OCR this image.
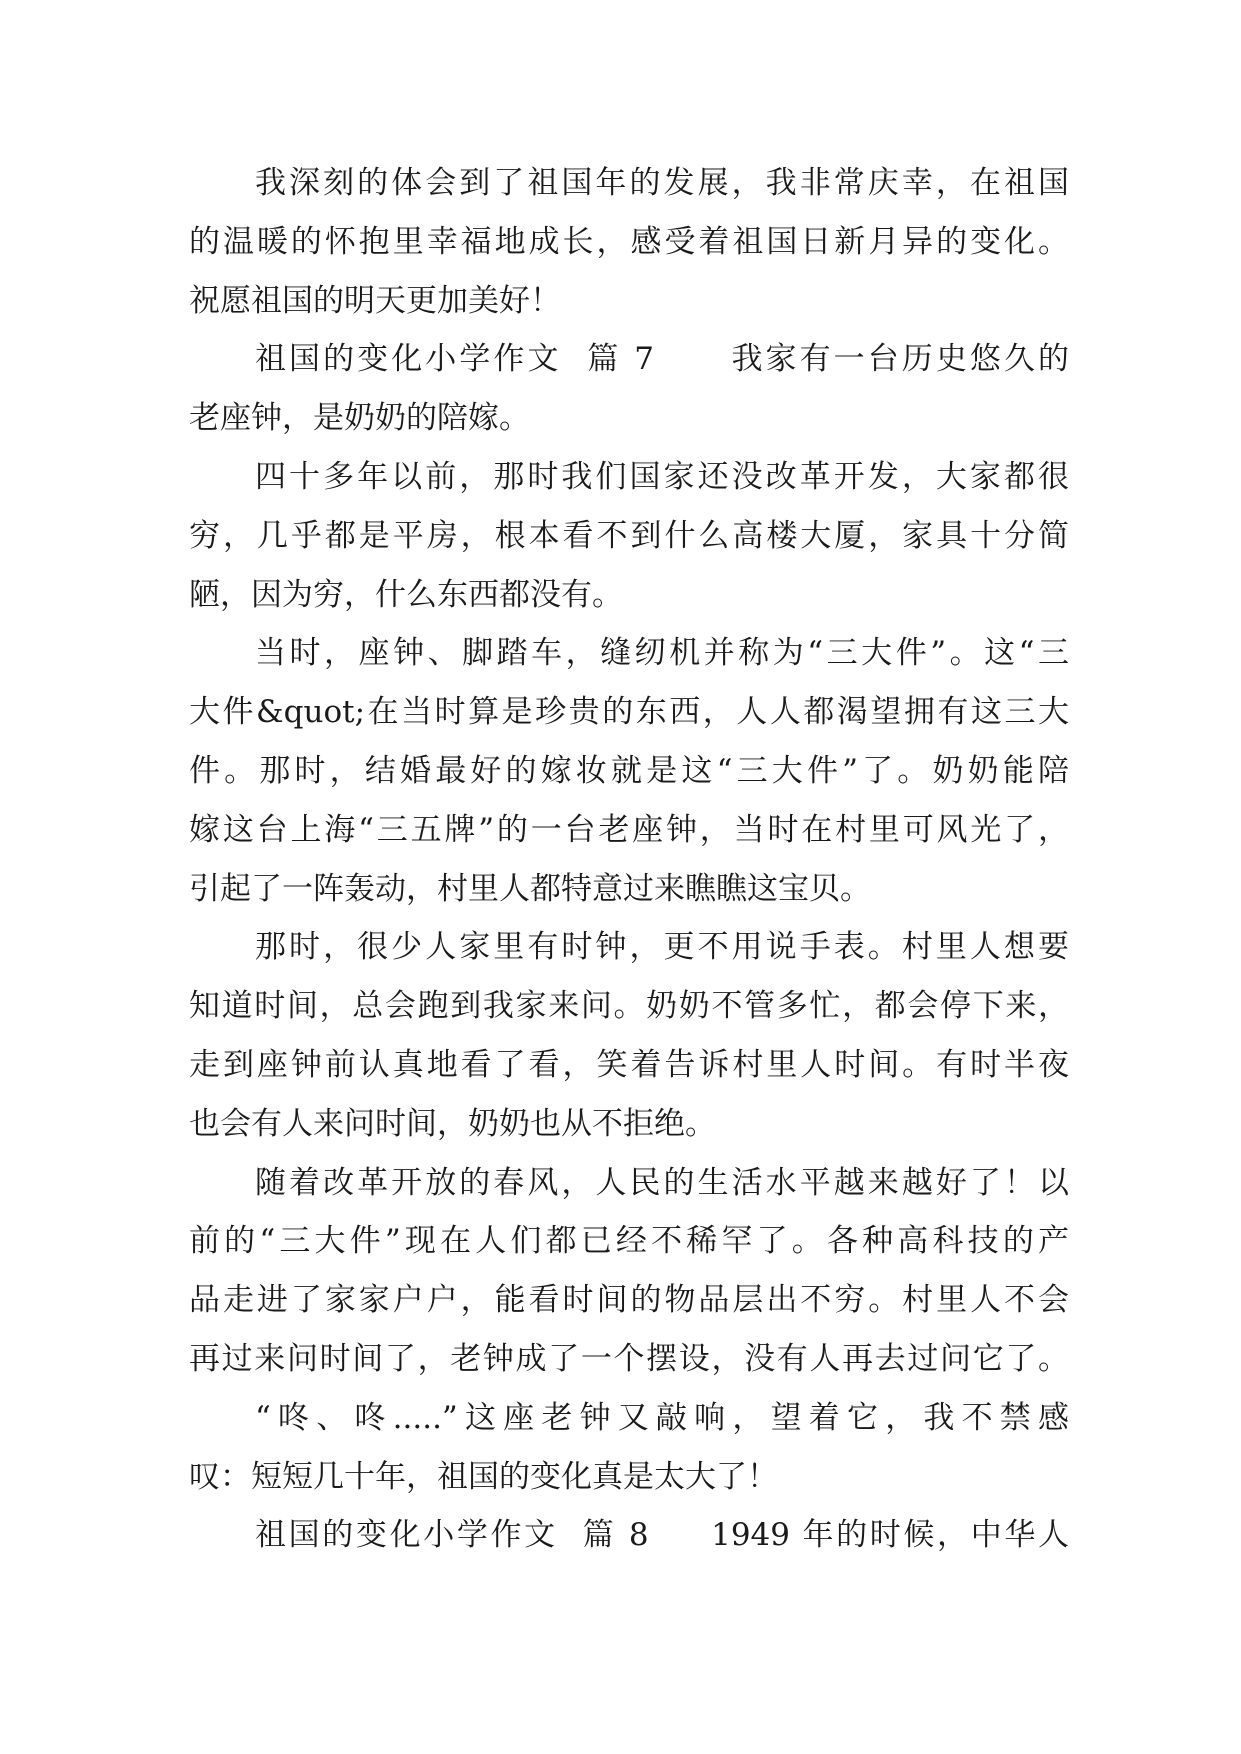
我深刻的体会到了祖国年的发展，我非常庆幸，在祖国
的温暖的怀抱里幸福地成长，感受着祖国日新月异的变化。
祝愿祖国的明天更加美好！
祖国的变化小学作文  篇 7      我家有一台历史悠久的
老座钟，是奶奶的陪嫁。
四十多年以前，那时我们国家还没改革开发，大家都很
穷，几乎都是平房，根本看不到什么高楼大厦，家具十分简
陋，因为穷，什么东西都没有。
当时，座钟、脚踏车，缝纫机并称为“三大件”。这“三
大件&quot;在当时算是珍贵的东西，人人都渴望拥有这三大
件。那时，结婚最好的嫁妆就是这“三大件”了。奶奶能陪
嫁这台上海“三五牌”的一台老座钟，当时在村里可风光了，
引起了一阵轰动，村里人都特意过来瞧瞧这宝贝。
那时，很少人家里有时钟，更不用说手表。村里人想要
知道时间，总会跑到我家来问。奶奶不管多忙，都会停下来，
走到座钟前认真地看了看，笑着告诉村里人时间。有时半夜
也会有人来问时间，奶奶也从不拒绝。
随着改革开放的春风，人民的生活水平越来越好了！以
前的“三大件”现在人们都已经不稀罕了。各种高科技的产
品走进了家家户户，能看时间的物品层出不穷。村里人不会
再过来问时间了，老钟成了一个摆设，没有人再去过问它了。
“咚、咚.....”这座老钟又敲响，望着它，我不禁感
叹：短短几十年，祖国的变化真是太大了！
祖国的变化小学作文  篇 8     1949 年的时候，中华人
